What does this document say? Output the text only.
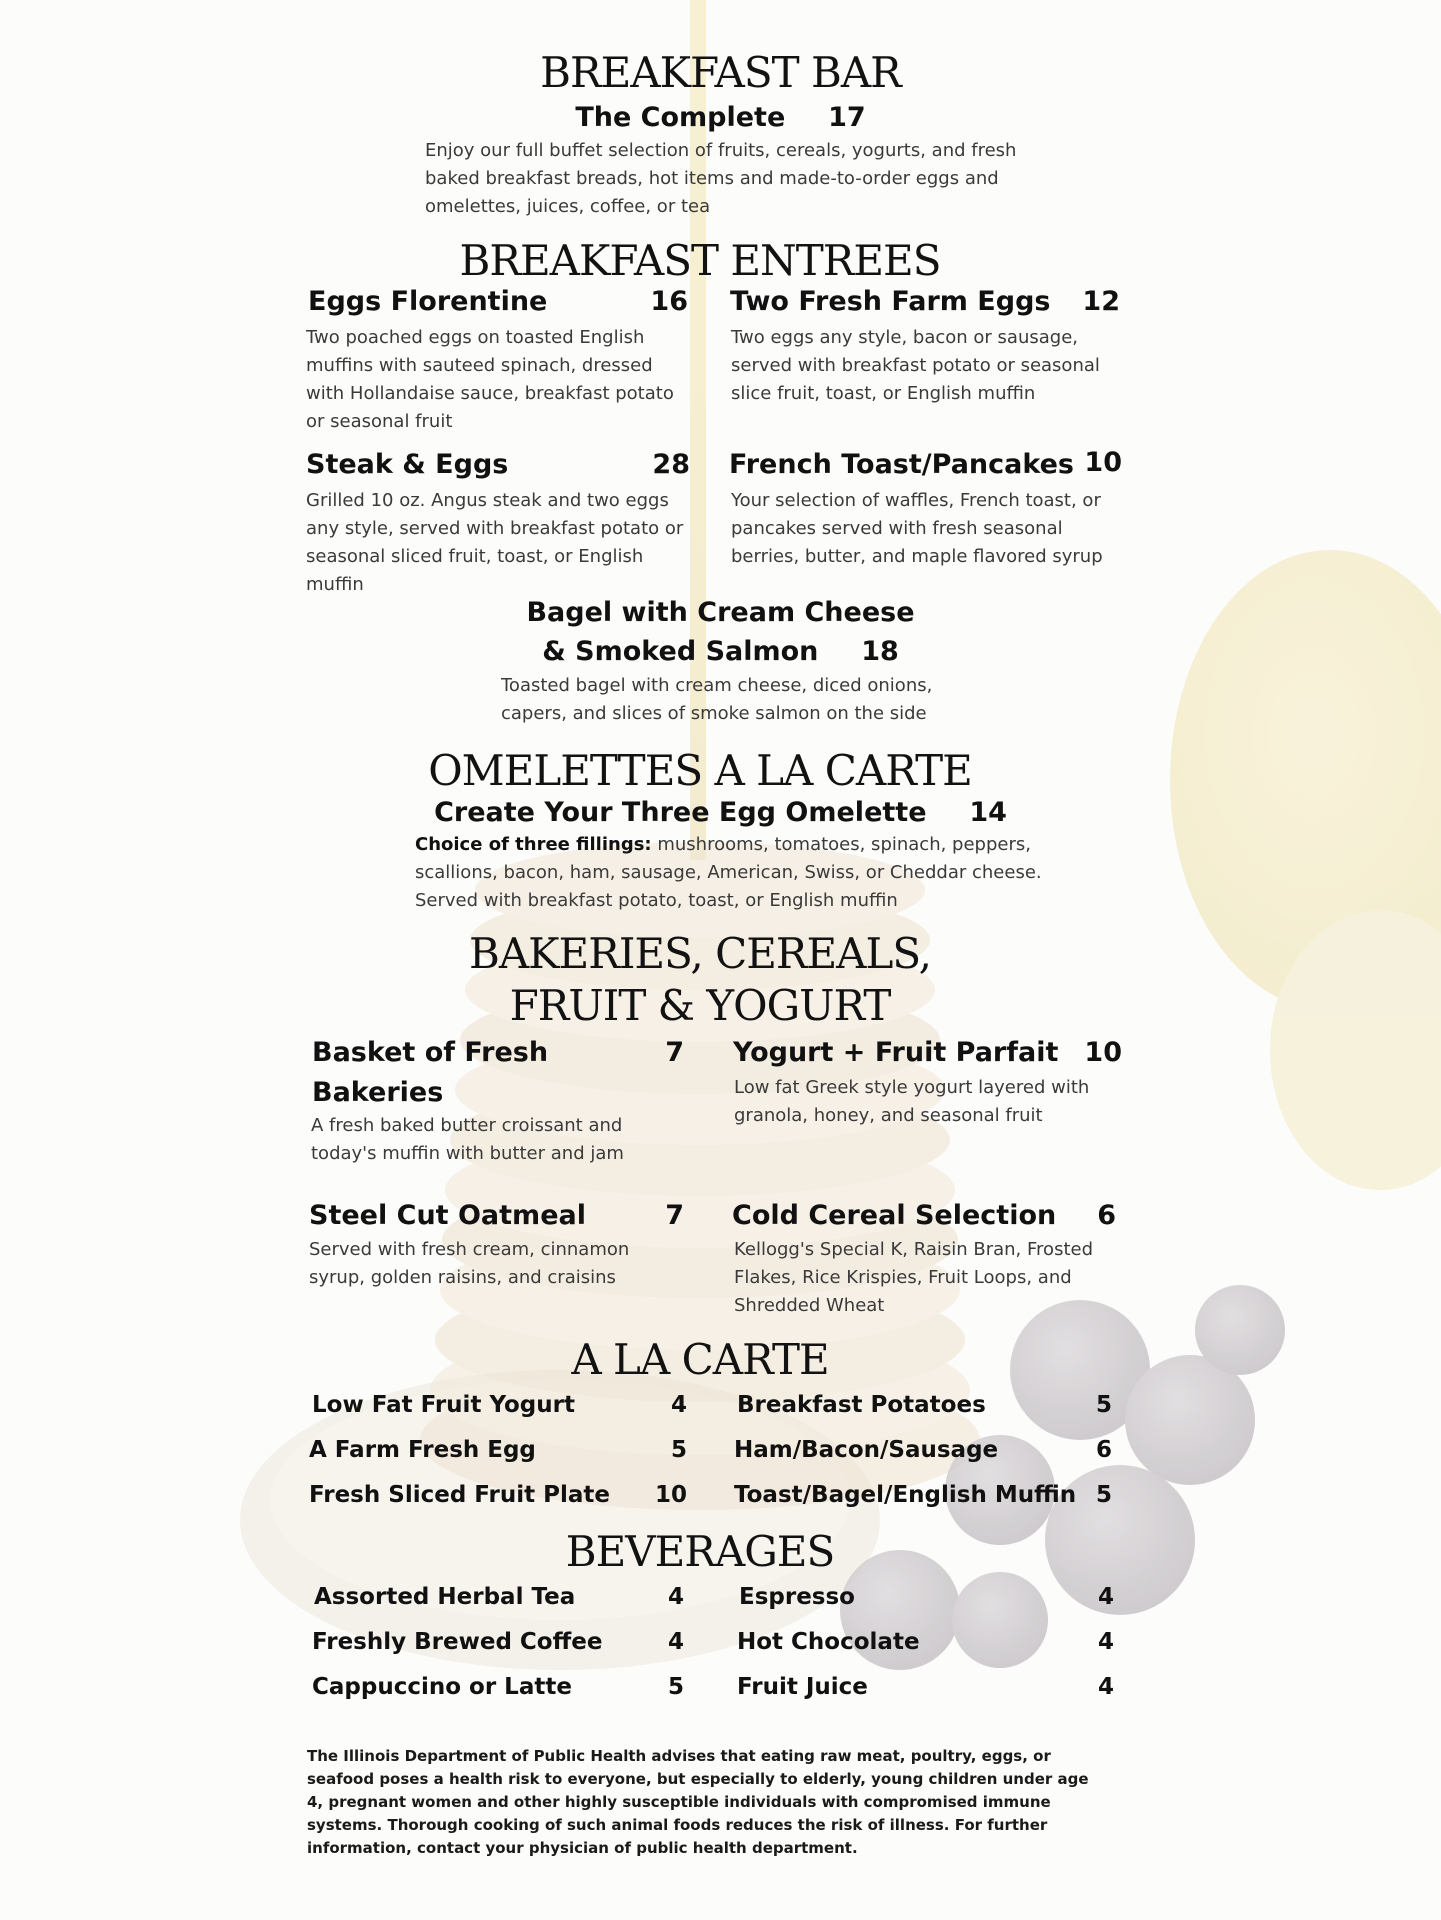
BREAKFAST BAR
The Complete 17
Enjoy our full buffet selection of fruits, cereals, yogurts, and fresh baked breakfast breads, hot items and made-to-order eggs and omelettes, juices, coffee, or tea
BREAKFAST ENTREES
Eggs Florentine	16
Two poached eggs on toasted English muffins with sauteed spinach, dressed with Hollandaise sauce, breakfast potato or seasonal fruit
Two Fresh Farm Eggs	12
Two eggs any style, bacon or sausage, served with breakfast potato or seasonal slice fruit, toast, or English muffin
Steak & Eggs	28
Grilled 10 oz. Angus steak and two eggs any style, served with breakfast potato or seasonal sliced fruit, toast, or English muffin
French Toast/Pancakes 10
Your selection of waffles, French toast, or pancakes served with fresh seasonal berries, butter, and maple flavored syrup
Bagel with Cream Cheese
& Smoked Salmon 18
Toasted bagel with cream cheese, diced onions, capers, and slices of smoke salmon on the side
OMELETTES A LA CARTE
Create Your Three Egg Omelette 14
Choice of three fillings: mushrooms, tomatoes, spinach, peppers, scallions, bacon, ham, sausage, American, Swiss, or Cheddar cheese. Served with breakfast potato, toast, or English muffin
BAKERIES, CEREALS,
FRUIT & YOGURT
Basket of Fresh
Bakeries
7
A fresh baked butter croissant and today's muffin with butter and jam
Yogurt + Fruit Parfait 10
Low fat Greek style yogurt layered with granola, honey, and seasonal fruit
Steel Cut Oatmeal	7
Served with fresh cream, cinnamon syrup, golden raisins, and craisins
Cold Cereal Selection	6
Kellogg's Special K, Raisin Bran, Frosted Flakes, Rice Krispies, Fruit Loops, and Shredded Wheat
A LA CARTE
Low Fat Fruit Yogurt	4
A Farm Fresh Egg	5
Fresh Sliced Fruit Plate	10
Breakfast Potatoes	5
Ham/Bacon/Sausage	6
Toast/Bagel/English Muffin 5
BEVERAGES
Assorted Herbal Tea	4
Freshly Brewed Coffee	4
Cappuccino or Latte	5
Espresso	4
Hot Chocolate	4
Fruit Juice	4
The Illinois Department of Public Health advises that eating raw meat, poultry, eggs, or seafood poses a health risk to everyone, but especially to elderly, young children under age 4, pregnant women and other highly susceptible individuals with compromised immune systems. Thorough cooking of such animal foods reduces the risk of illness. For further information, contact your physician of public health department.
